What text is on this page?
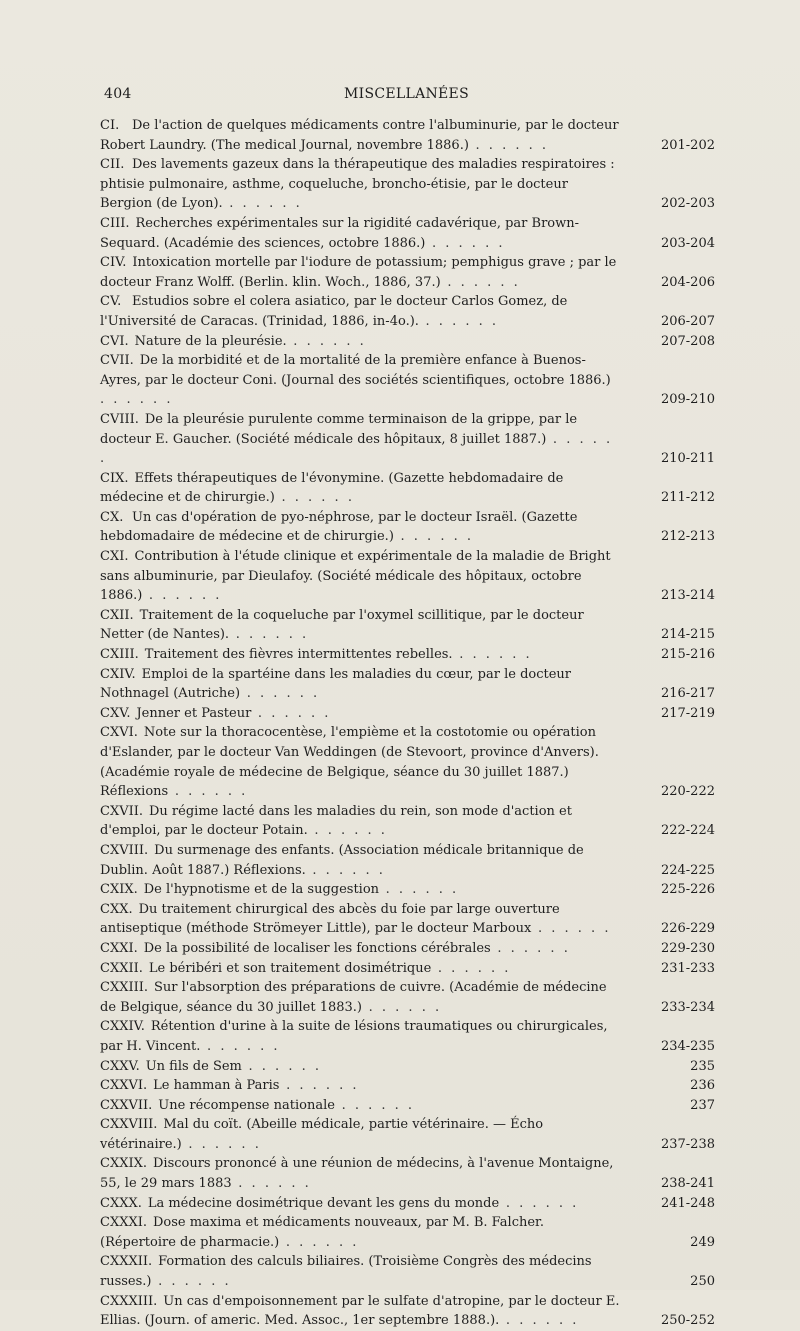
404	MISCELLANÉES
CI. De l'action de quelques médicaments contre l'albuminurie, par le docteur Robert Laundry. (The medical Journal, novembre 1886.) . . . . . .	201-202
CII. Des lavements gazeux dans la thérapeutique des maladies respiratoires : phtisie pulmonaire, asthme, coqueluche, broncho-étisie, par le docteur Bergion (de Lyon). . . . . . .	202-203
CIII. Recherches expérimentales sur la rigidité cadavérique, par Brown-Sequard. (Académie des sciences, octobre 1886.) . . . . . .	203-204
CIV. Intoxication mortelle par l'iodure de potassium; pemphigus grave ; par le docteur Franz Wolff. (Berlin. klin. Woch., 1886, 37.) . . . . . .	204-206
CV. Estudios sobre el colera asiatico, par le docteur Carlos Gomez, de l'Université de Caracas. (Trinidad, 1886, in-4o.). . . . . . .	206-207
CVI. Nature de la pleurésie. . . . . . .	207-208
CVII. De la morbidité et de la mortalité de la première enfance à Buenos-Ayres, par le docteur Coni. (Journal des sociétés scientifiques, octobre 1886.) . . . . . .	209-210
CVIII. De la pleurésie purulente comme terminaison de la grippe, par le docteur E. Gaucher. (Société médicale des hôpitaux, 8 juillet 1887.) . . . . . .	210-211
CIX. Effets thérapeutiques de l'évonymine. (Gazette hebdomadaire de médecine et de chirurgie.) . . . . . .	211-212
CX. Un cas d'opération de pyo-néphrose, par le docteur Israël. (Gazette hebdomadaire de médecine et de chirurgie.) . . . . . .	212-213
CXI. Contribution à l'étude clinique et expérimentale de la maladie de Bright sans albuminurie, par Dieulafoy. (Société médicale des hôpitaux, octobre 1886.) . . . . . .	213-214
CXII. Traitement de la coqueluche par l'oxymel scillitique, par le docteur Netter (de Nantes). . . . . . .	214-215
CXIII. Traitement des fièvres intermittentes rebelles. . . . . . .	215-216
CXIV. Emploi de la spartéine dans les maladies du cœur, par le docteur Nothnagel (Autriche) . . . . . .	216-217
CXV. Jenner et Pasteur . . . . . .	217-219
CXVI. Note sur la thoracocentèse, l'empième et la costotomie ou opération d'Eslander, par le docteur Van Weddingen (de Stevoort, province d'Anvers). (Académie royale de médecine de Belgique, séance du 30 juillet 1887.) Réflexions . . . . . .	220-222
CXVII. Du régime lacté dans les maladies du rein, son mode d'action et d'emploi, par le docteur Potain. . . . . . .	222-224
CXVIII. Du surmenage des enfants. (Association médicale britannique de Dublin. Août 1887.) Réflexions. . . . . . .	224-225
CXIX. De l'hypnotisme et de la suggestion . . . . . .	225-226
CXX. Du traitement chirurgical des abcès du foie par large ouverture antiseptique (méthode Strömeyer Little), par le docteur Marboux . . . . . .	226-229
CXXI. De la possibilité de localiser les fonctions cérébrales . . . . . .	229-230
CXXII. Le béribéri et son traitement dosimétrique . . . . . .	231-233
CXXIII. Sur l'absorption des préparations de cuivre. (Académie de médecine de Belgique, séance du 30 juillet 1883.) . . . . . .	233-234
CXXIV. Rétention d'urine à la suite de lésions traumatiques ou chirurgicales, par H. Vincent. . . . . . .	234-235
CXXV. Un fils de Sem . . . . . .	235
CXXVI. Le hamman à Paris . . . . . .	236
CXXVII. Une récompense nationale . . . . . .	237
CXXVIII. Mal du coït. (Abeille médicale, partie vétérinaire. — Écho vétérinaire.) . . . . . .	237-238
CXXIX. Discours prononcé à une réunion de médecins, à l'avenue Montaigne, 55, le 29 mars 1883 . . . . . .	238-241
CXXX. La médecine dosimétrique devant les gens du monde . . . . . .	241-248
CXXXI. Dose maxima et médicaments nouveaux, par M. B. Falcher. (Répertoire de pharmacie.) . . . . . .	249
CXXXII. Formation des calculs biliaires. (Troisième Congrès des médecins russes.) . . . . . .	250
CXXXIII. Un cas d'empoisonnement par le sulfate d'atropine, par le docteur E. Ellias. (Journ. of americ. Med. Assoc., 1er septembre 1888.). . . . . . .	250-252
